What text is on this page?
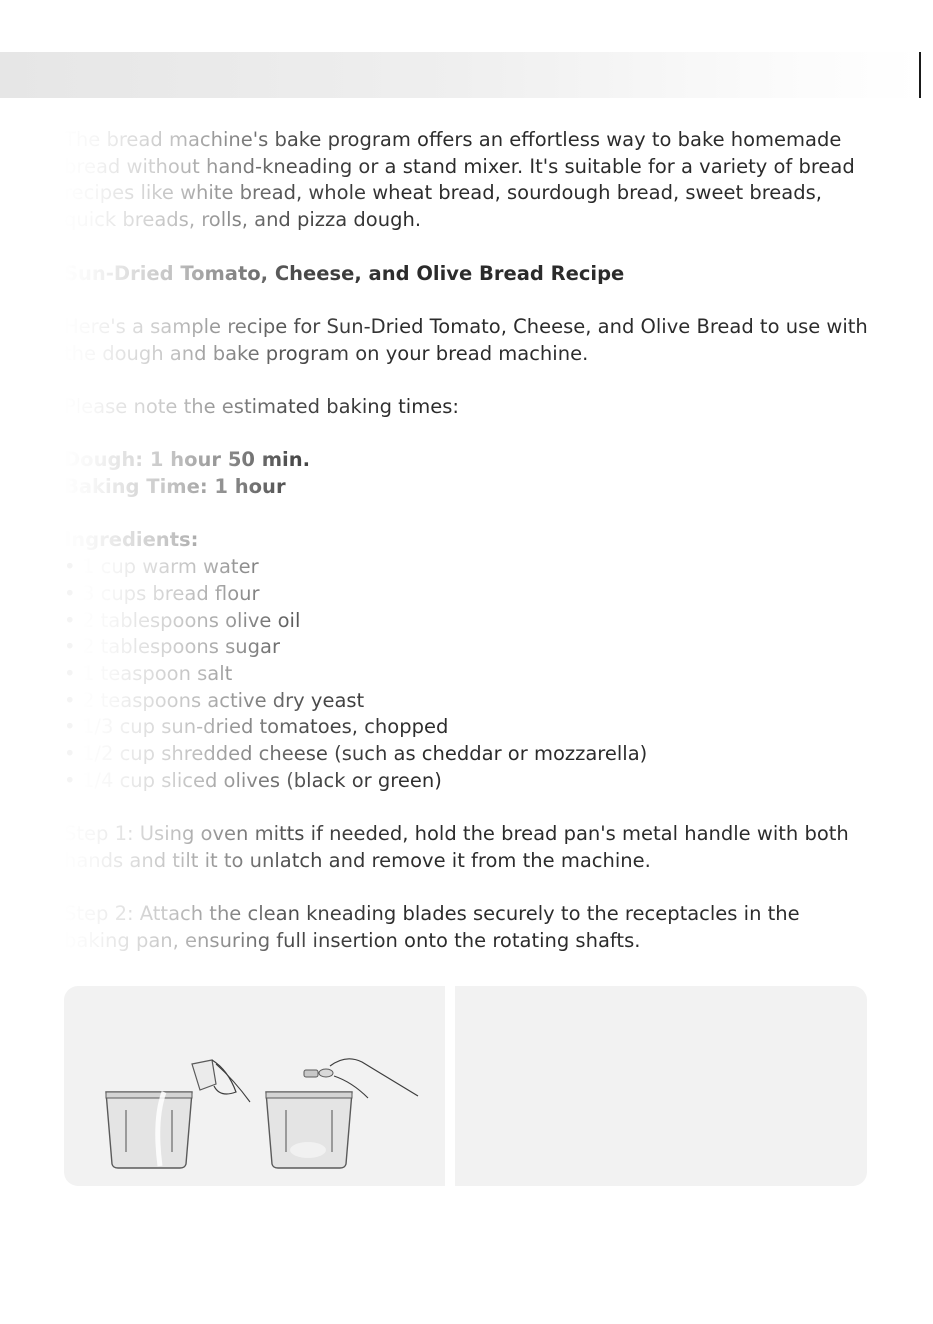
The bread machine's bake program offers an effortless way to bake homemade bread without hand-kneading or a stand mixer. It's suitable for a variety of bread recipes like white bread, whole wheat bread, sourdough bread, sweet breads, quick breads, rolls, and pizza dough.

Sun-Dried Tomato, Cheese, and Olive Bread Recipe

Here's a sample recipe for Sun-Dried Tomato, Cheese, and Olive Bread to use with the dough and bake program on your bread machine.

Please note the estimated baking times:

Dough: 1 hour 50 min.
Baking Time: 1 hour

Ingredients:
• 1 cup warm water
• 3 cups bread flour
• 2 tablespoons olive oil
• 2 tablespoons sugar
• 1 teaspoon salt
• 2 teaspoons active dry yeast
• 1/3 cup sun-dried tomatoes, chopped
• 1/2 cup shredded cheese (such as cheddar or mozzarella)
• 1/4 cup sliced olives (black or green)

Step 1: Using oven mitts if needed, hold the bread pan's metal handle with both hands and tilt it to unlatch and remove it from the machine.

Step 2: Attach the clean kneading blades securely to the receptacles in the baking pan, ensuring full insertion onto the rotating shafts.
